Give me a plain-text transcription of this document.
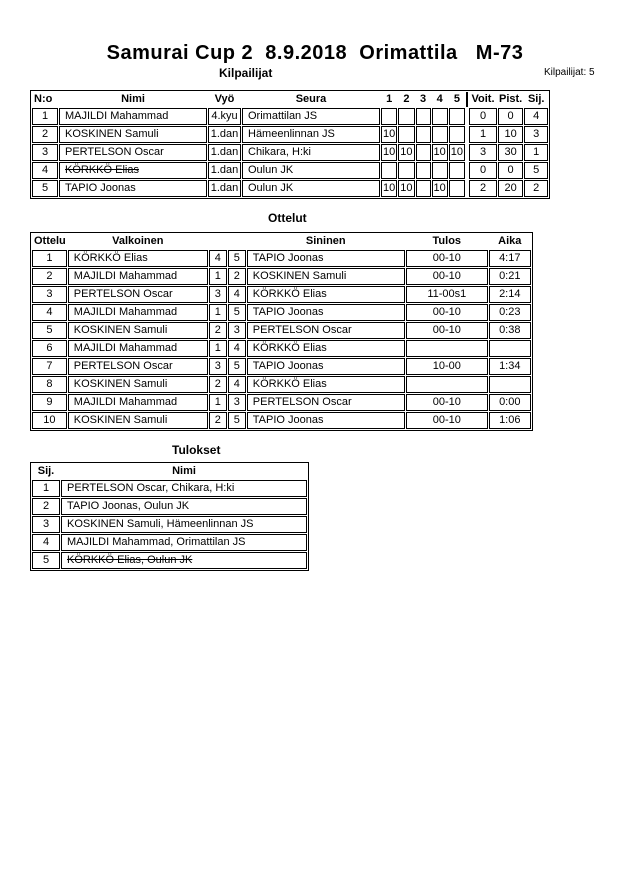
Samurai Cup 2  8.9.2018  Orimattila   M-73
Kilpailijat	Kilpailijat: 5
N:o	Nimi	Vyö	Seura	1	2	3	4	5		Voit.	Pist.	Sij.
1	MAJILDI Mahammad	4.kyu	Orimattilan JS							0	0	4
2	KOSKINEN Samuli	1.dan	Hämeenlinnan JS	10						1	10	3
3	PERTELSON Oscar	1.dan	Chikara, H:ki	10	10		10	10		3	30	1
4	KÖRKKÖ Elias	1.dan	Oulun JK							0	0	5
5	TAPIO Joonas	1.dan	Oulun JK	10	10		10			2	20	2
Ottelut
Ottelu	Valkoinen			Sininen	Tulos	Aika
1	KÖRKKÖ Elias	4	5	TAPIO Joonas	00-10	4:17
2	MAJILDI Mahammad	1	2	KOSKINEN Samuli	00-10	0:21
3	PERTELSON Oscar	3	4	KÖRKKÖ Elias	11-00s1	2:14
4	MAJILDI Mahammad	1	5	TAPIO Joonas	00-10	0:23
5	KOSKINEN Samuli	2	3	PERTELSON Oscar	00-10	0:38
6	MAJILDI Mahammad	1	4	KÖRKKÖ Elias		
7	PERTELSON Oscar	3	5	TAPIO Joonas	10-00	1:34
8	KOSKINEN Samuli	2	4	KÖRKKÖ Elias		
9	MAJILDI Mahammad	1	3	PERTELSON Oscar	00-10	0:00
10	KOSKINEN Samuli	2	5	TAPIO Joonas	00-10	1:06
Tulokset
Sij.	Nimi
1	PERTELSON Oscar, Chikara, H:ki
2	TAPIO Joonas, Oulun JK
3	KOSKINEN Samuli, Hämeenlinnan JS
4	MAJILDI Mahammad, Orimattilan JS
5	KÖRKKÖ Elias, Oulun JK
